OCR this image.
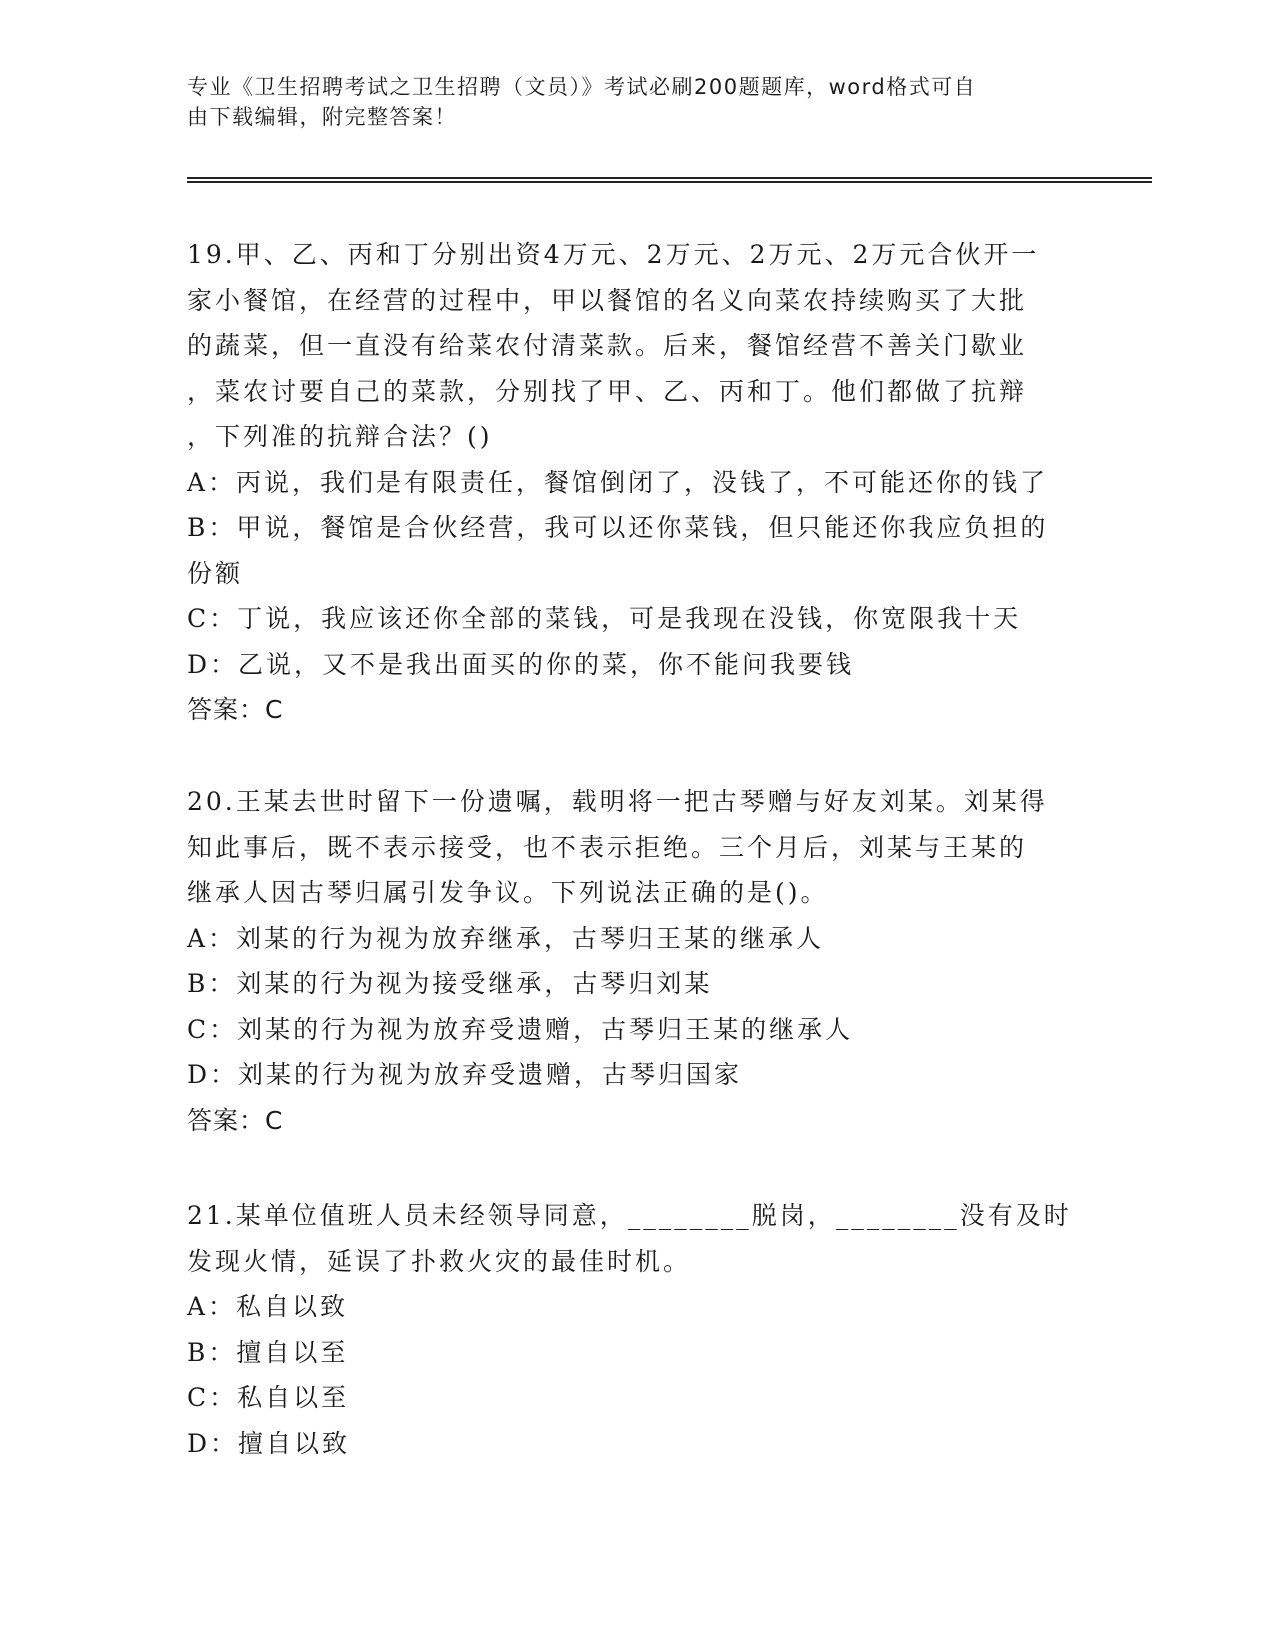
专业《卫生招聘考试之卫生招聘（文员）》考试必刷200题题库，word格式可自
由下载编辑，附完整答案！
19.甲、乙、丙和丁分别出资4万元、2万元、2万元、2万元合伙开一
家小餐馆，在经营的过程中，甲以餐馆的名义向菜农持续购买了大批
的蔬菜，但一直没有给菜农付清菜款。后来，餐馆经营不善关门歇业
，菜农讨要自己的菜款，分别找了甲、乙、丙和丁。他们都做了抗辩
，下列准的抗辩合法？()
A：丙说，我们是有限责任，餐馆倒闭了，没钱了，不可能还你的钱了
B：甲说，餐馆是合伙经营，我可以还你菜钱，但只能还你我应负担的
份额
C：丁说，我应该还你全部的菜钱，可是我现在没钱，你宽限我十天
D：乙说，又不是我出面买的你的菜，你不能问我要钱
答案：C
20.王某去世时留下一份遗嘱，载明将一把古琴赠与好友刘某。刘某得
知此事后，既不表示接受，也不表示拒绝。三个月后，刘某与王某的
继承人因古琴归属引发争议。下列说法正确的是()。
A：刘某的行为视为放弃继承，古琴归王某的继承人
B：刘某的行为视为接受继承，古琴归刘某
C：刘某的行为视为放弃受遗赠，古琴归王某的继承人
D：刘某的行为视为放弃受遗赠，古琴归国家
答案：C
21.某单位值班人员未经领导同意，________脱岗，________没有及时
发现火情，延误了扑救火灾的最佳时机。
A：私自以致
B：擅自以至
C：私自以至
D：擅自以致
